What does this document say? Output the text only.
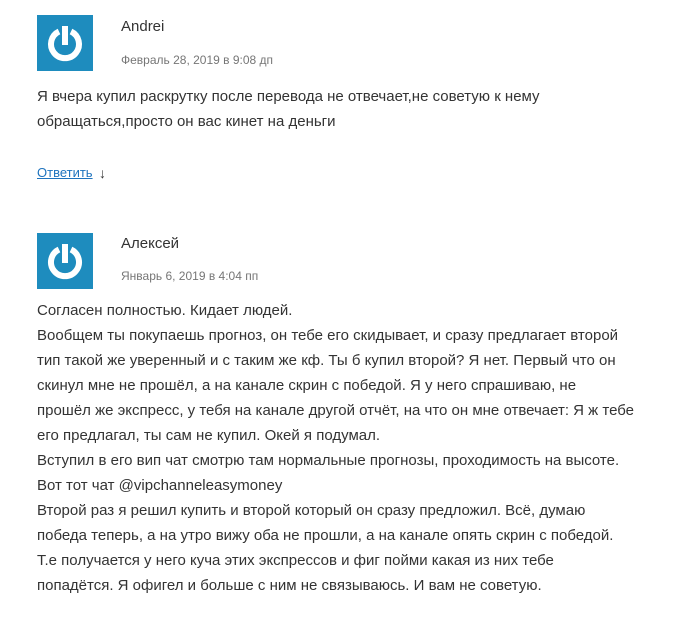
Andrei
Февраль 28, 2019 в 9:08 дп

Я вчера купил раскрутку после перевода не отвечает,не советую к нему

обращаться,просто он вас кинет на деньги

Ответить ↓
Алексей
Январь 6, 2019 в 4:04 пп

Согласен полностью. Кидает людей.

Вообщем ты покупаешь прогноз, он тебе его скидывает, и сразу предлагает второй

тип такой же уверенный и с таким же кф. Ты б купил второй? Я нет. Первый что он

скинул мне не прошёл, а на канале скрин с победой. Я у него спрашиваю, не

прошёл же экспресс, у тебя на канале другой отчёт, на что он мне отвечает: Я ж тебе

его предлагал, ты сам не купил. Окей я подумал.

Вступил в его вип чат смотрю там нормальные прогнозы, проходимость на высоте.

Вот тот чат @vipchanneleasymoney

Второй раз я решил купить и второй который он сразу предложил. Всё, думаю

победа теперь, а на утро вижу оба не прошли, а на канале опять скрин с победой.

Т.е получается у него куча этих экспрессов и фиг пойми какая из них тебе

попадётся. Я офигел и больше с ним не связываюсь. И вам не советую.
